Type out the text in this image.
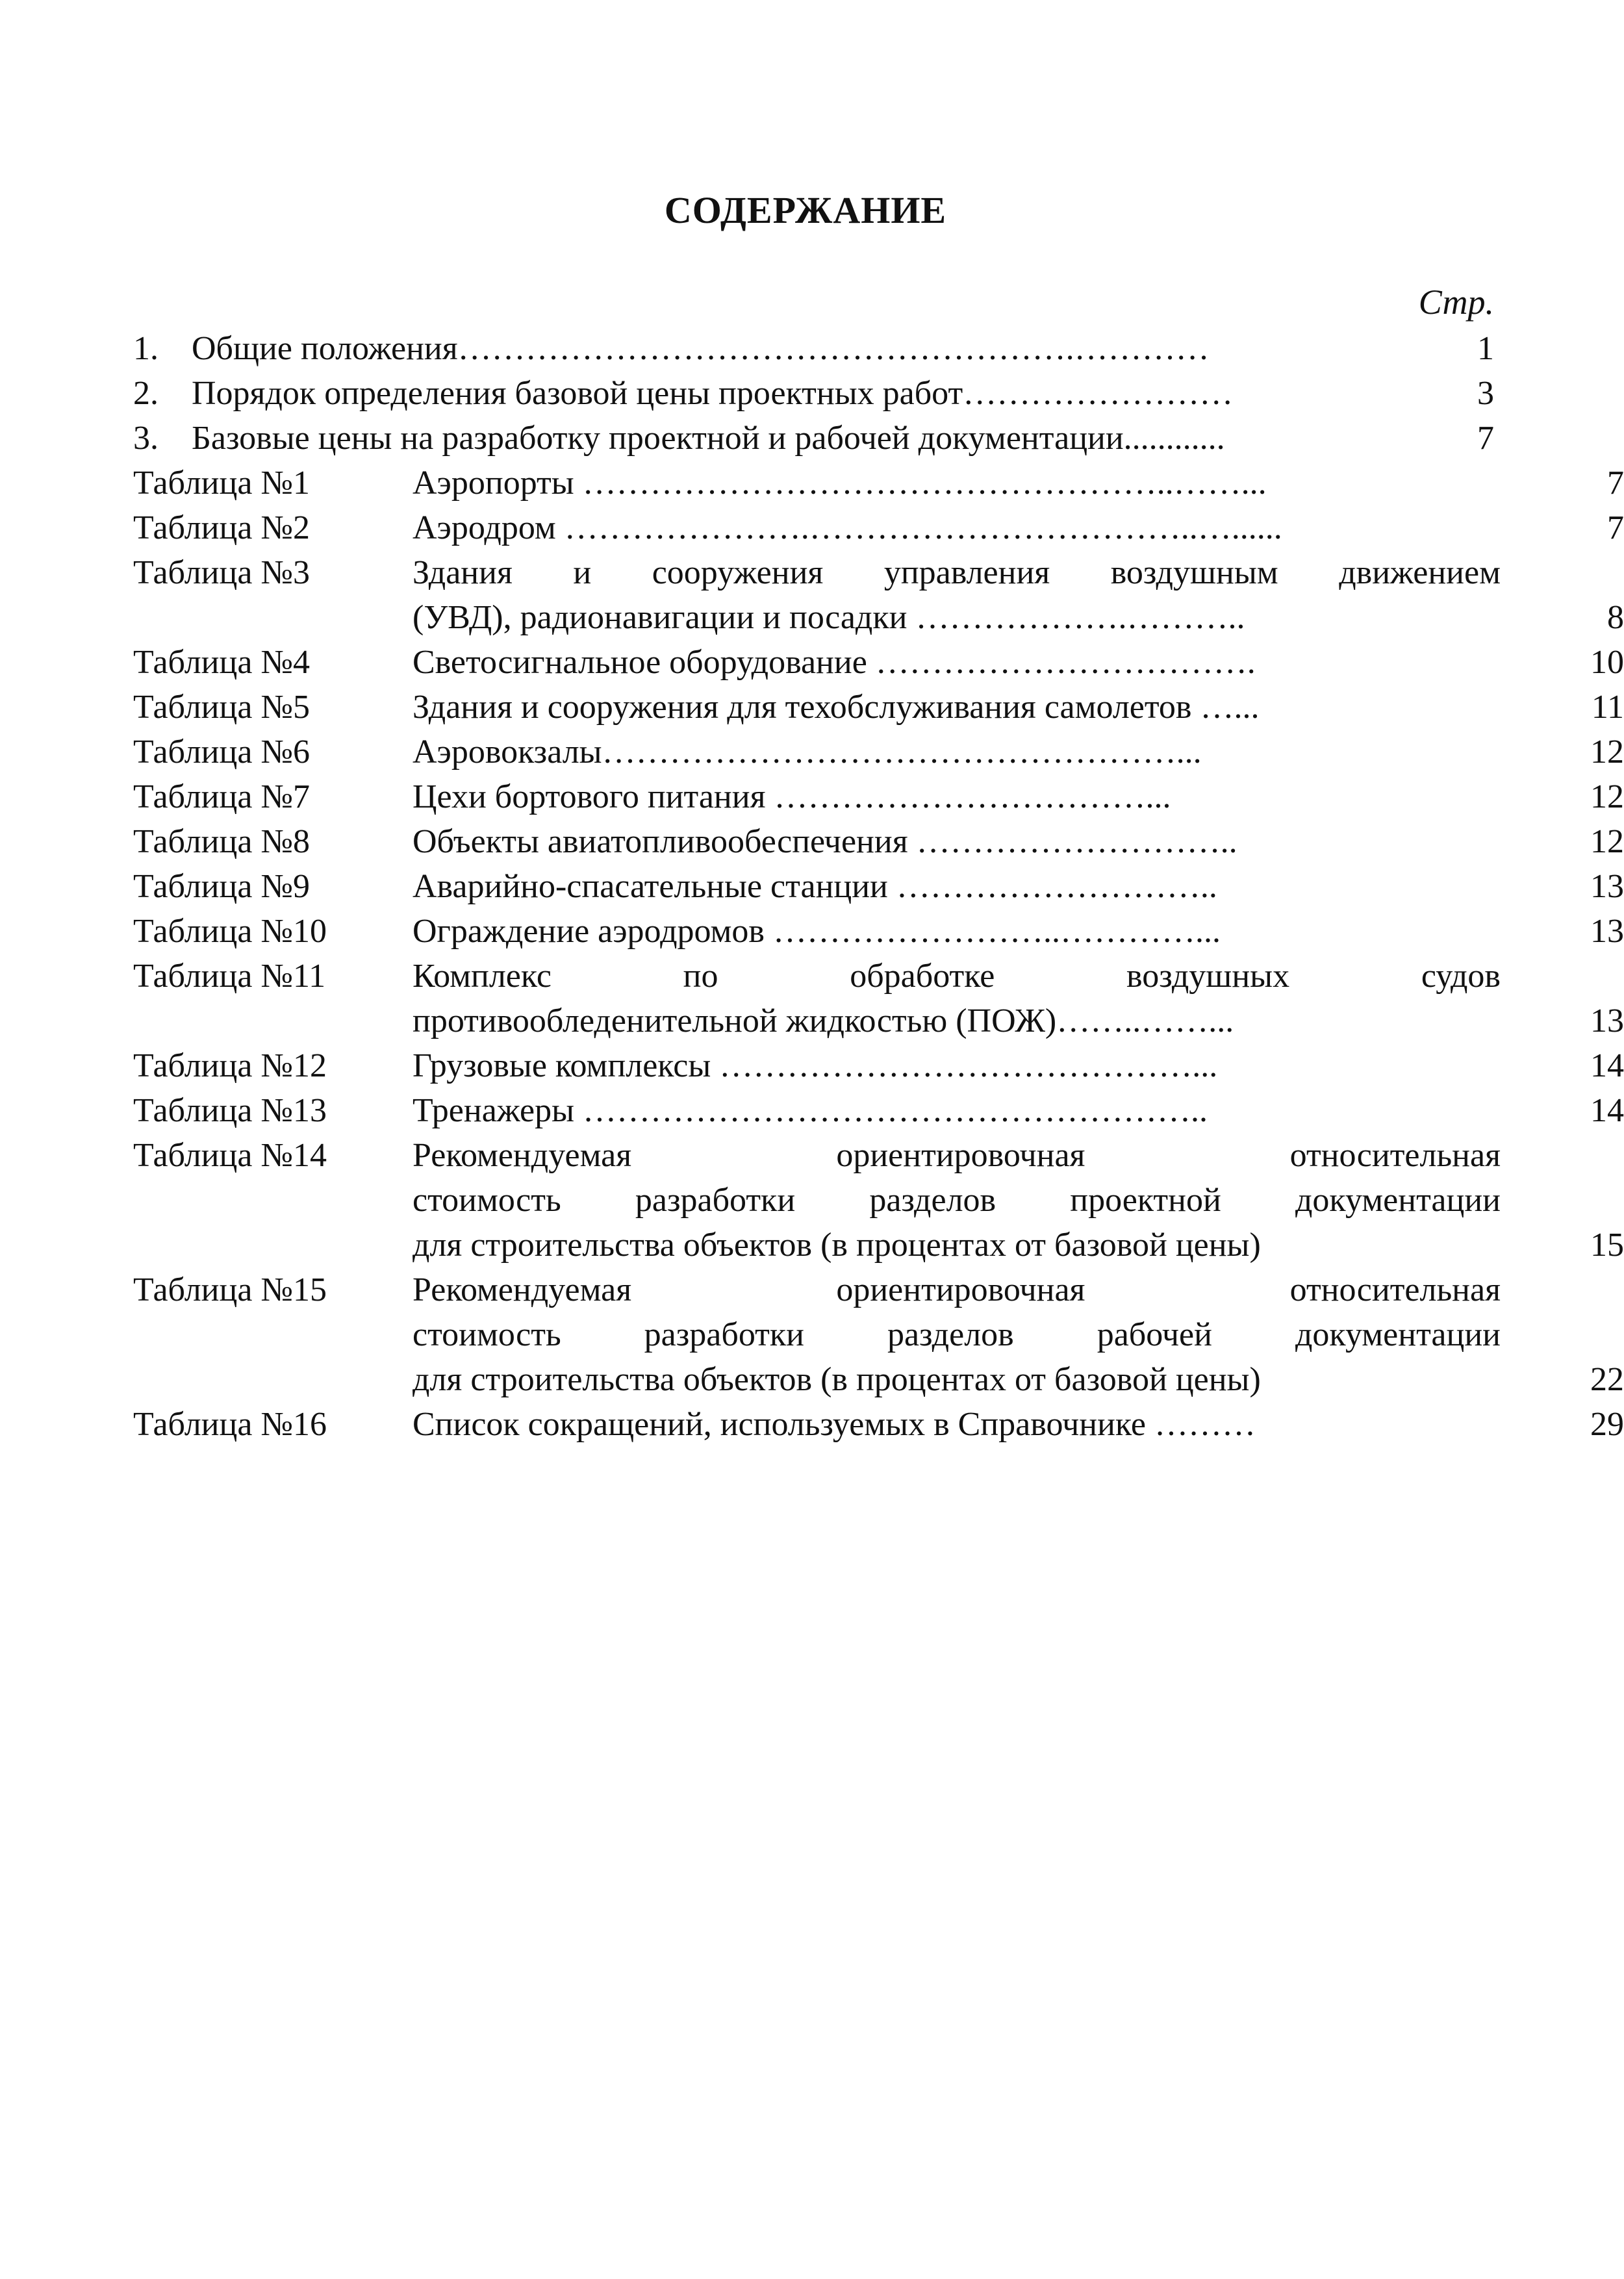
СОДЕРЖАНИЕ
Стр.
1. Общие положения……………………………………………….…………	1
2. Порядок определения базовой цены проектных работ……………………	3
3. Базовые цены на разработку проектной и рабочей документации............	7
Таблица №1	Аэропорты ……………………………………………..……...	7
Таблица №2	Аэродром ………………….……………………………..…......	7
Таблица №3	Здания и сооружения управления воздушным движением
(УВД), радионавигации и посадки ……………….………..	8
Таблица №4	Светосигнальное оборудование …………………………….	10
Таблица №5	Здания и сооружения для техобслуживания самолетов …...	11
Таблица №6	Аэровокзалы……………………………………………...	12
Таблица №7	Цехи бортового питания ……………………………...	12
Таблица №8	Объекты авиатопливообеспечения ………………………..	12
Таблица №9	Аварийно-спасательные станции ………………………..	13
Таблица №10	Ограждение аэродромов ……………………..…………...	13
Таблица №11	Комплекс по обработке воздушных судов
противообледенительной жидкостью (ПОЖ)……..……...	13
Таблица №12	Грузовые комплексы ……………………………………...	14
Таблица №13	Тренажеры ………………………………………………..	14
Таблица №14	Рекомендуемая ориентировочная относительная
стоимость разработки разделов проектной документации
для строительства объектов (в процентах от базовой цены)	15
Таблица №15	Рекомендуемая ориентировочная относительная
стоимость разработки разделов рабочей документации
для строительства объектов (в процентах от базовой цены)	22
Таблица №16	Список сокращений, используемых в Справочнике ………	29
